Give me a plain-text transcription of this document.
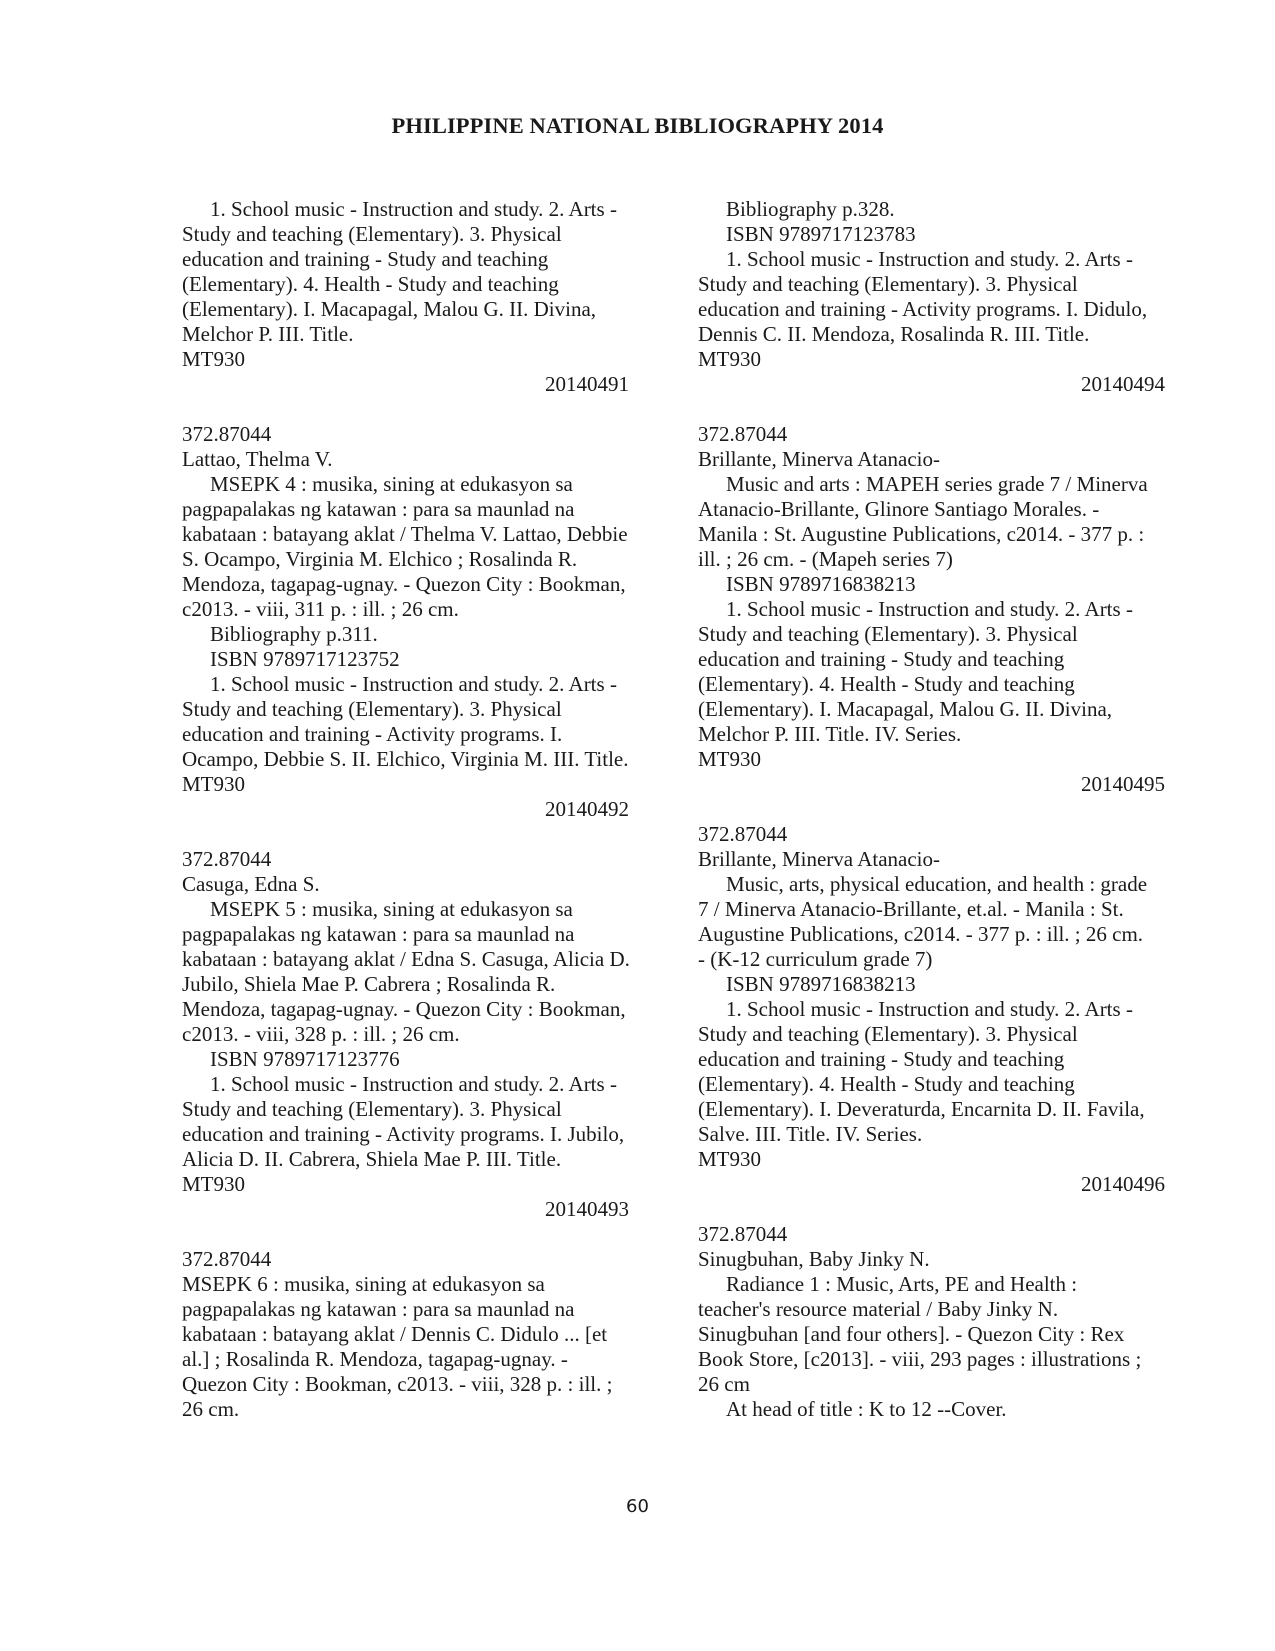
PHILIPPINE NATIONAL BIBLIOGRAPHY 2014
1. School music - Instruction and study. 2. Arts -
Study and teaching (Elementary). 3. Physical
education and training - Study and teaching
(Elementary). 4. Health - Study and teaching
(Elementary). I. Macapagal, Malou G. II. Divina,
Melchor P. III. Title.
MT930
20140491
372.87044
Lattao, Thelma V.
MSEPK 4 : musika, sining at edukasyon sa
pagpapalakas ng katawan : para sa maunlad na
kabataan : batayang aklat / Thelma V. Lattao, Debbie
S. Ocampo, Virginia M. Elchico ; Rosalinda R.
Mendoza, tagapag-ugnay. - Quezon City : Bookman,
c2013. - viii, 311 p. : ill. ; 26 cm.
Bibliography p.311.
ISBN 9789717123752
1. School music - Instruction and study. 2. Arts -
Study and teaching (Elementary). 3. Physical
education and training - Activity programs. I.
Ocampo, Debbie S. II. Elchico, Virginia M. III. Title.
MT930
20140492
372.87044
Casuga, Edna S.
MSEPK 5 : musika, sining at edukasyon sa
pagpapalakas ng katawan : para sa maunlad na
kabataan : batayang aklat / Edna S. Casuga, Alicia D.
Jubilo, Shiela Mae P. Cabrera ; Rosalinda R.
Mendoza, tagapag-ugnay. - Quezon City : Bookman,
c2013. - viii, 328 p. : ill. ; 26 cm.
ISBN 9789717123776
1. School music - Instruction and study. 2. Arts -
Study and teaching (Elementary). 3. Physical
education and training - Activity programs. I. Jubilo,
Alicia D. II. Cabrera, Shiela Mae P. III. Title.
MT930
20140493
372.87044
MSEPK 6 : musika, sining at edukasyon sa
pagpapalakas ng katawan : para sa maunlad na
kabataan : batayang aklat / Dennis C. Didulo ... [et
al.] ; Rosalinda R. Mendoza, tagapag-ugnay. -
Quezon City : Bookman, c2013. - viii, 328 p. : ill. ;
26 cm.
Bibliography p.328.
ISBN 9789717123783
1. School music - Instruction and study. 2. Arts -
Study and teaching (Elementary). 3. Physical
education and training - Activity programs. I. Didulo,
Dennis C. II. Mendoza, Rosalinda R. III. Title.
MT930
20140494
372.87044
Brillante, Minerva Atanacio-
Music and arts : MAPEH series grade 7 / Minerva
Atanacio-Brillante, Glinore Santiago Morales. -
Manila : St. Augustine Publications, c2014. - 377 p. :
ill. ; 26 cm. - (Mapeh series 7)
ISBN 9789716838213
1. School music - Instruction and study. 2. Arts -
Study and teaching (Elementary). 3. Physical
education and training - Study and teaching
(Elementary). 4. Health - Study and teaching
(Elementary). I. Macapagal, Malou G. II. Divina,
Melchor P. III. Title. IV. Series.
MT930
20140495
372.87044
Brillante, Minerva Atanacio-
Music, arts, physical education, and health : grade
7 / Minerva Atanacio-Brillante, et.al. - Manila : St.
Augustine Publications, c2014. - 377 p. : ill. ; 26 cm.
- (K-12 curriculum grade 7)
ISBN 9789716838213
1. School music - Instruction and study. 2. Arts -
Study and teaching (Elementary). 3. Physical
education and training - Study and teaching
(Elementary). 4. Health - Study and teaching
(Elementary). I. Deveraturda, Encarnita D. II. Favila,
Salve. III. Title. IV. Series.
MT930
20140496
372.87044
Sinugbuhan, Baby Jinky N.
Radiance 1 : Music, Arts, PE and Health :
teacher's resource material / Baby Jinky N.
Sinugbuhan [and four others]. - Quezon City : Rex
Book Store, [c2013]. - viii, 293 pages : illustrations ;
26 cm
At head of title : K to 12 --Cover.
60
